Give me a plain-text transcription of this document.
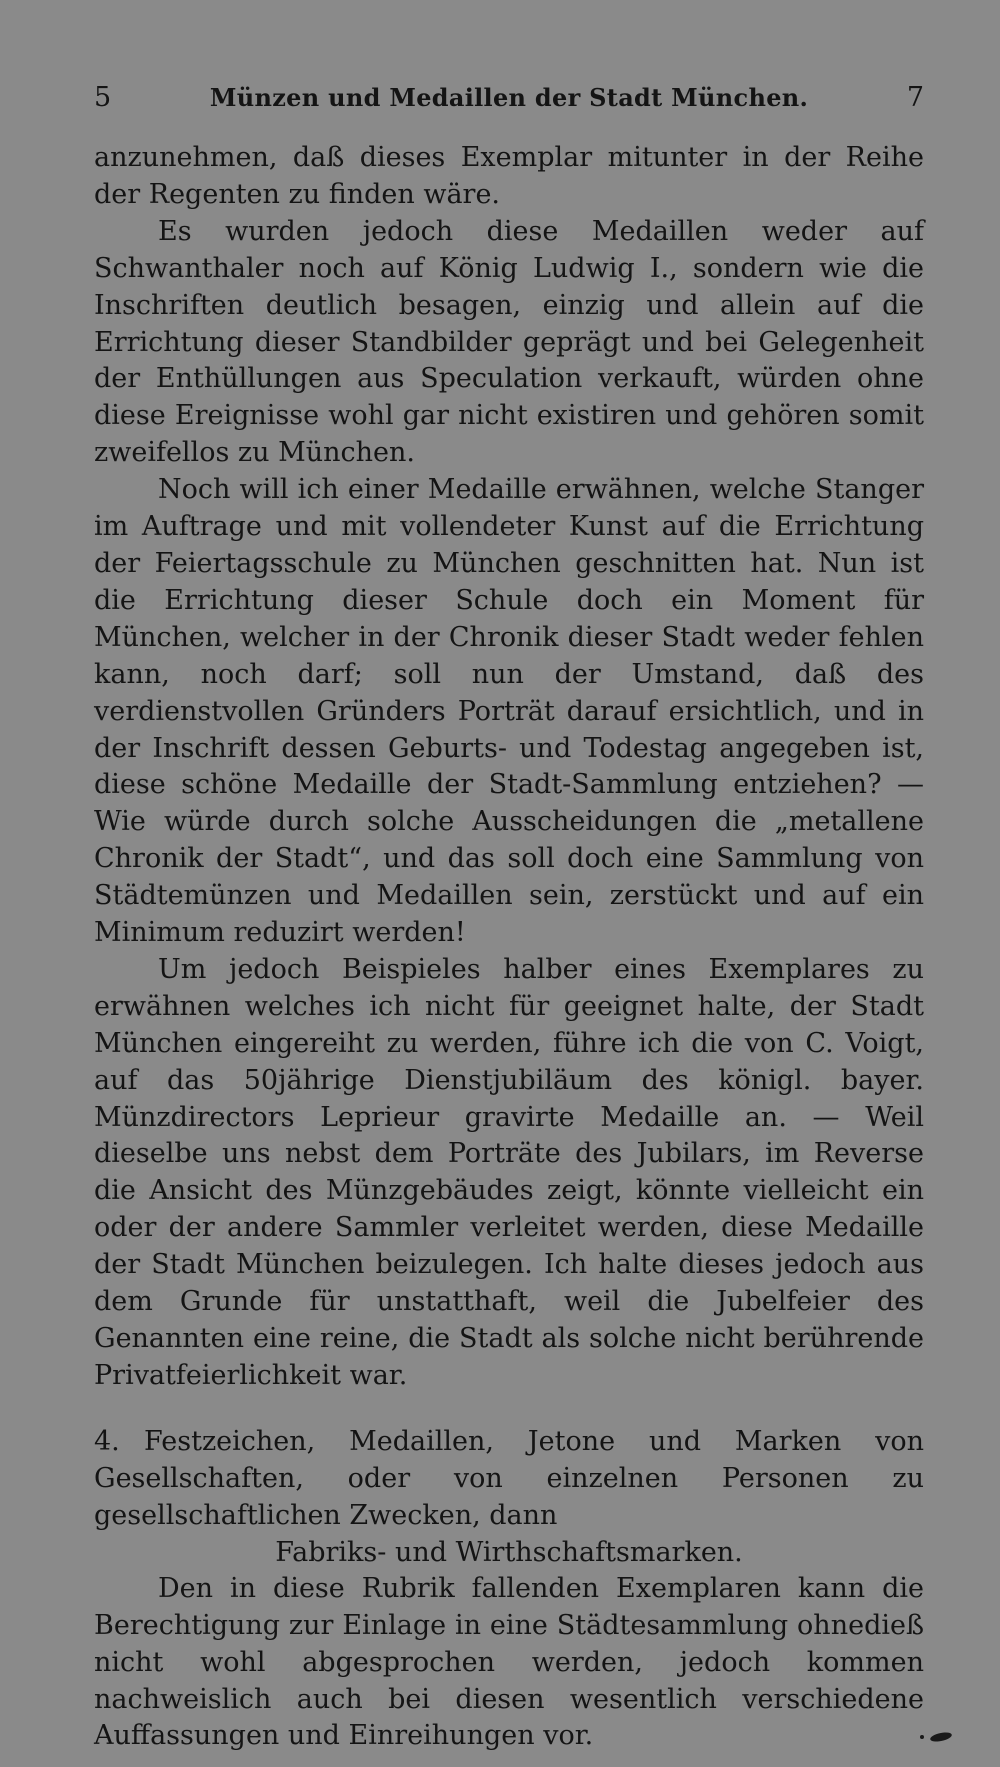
5	Münzen und Medaillen der Stadt München.	7

anzunehmen, daß dieses Exemplar mitunter in der Reihe der Regenten zu finden wäre.

Es wurden jedoch diese Medaillen weder auf Schwanthaler noch auf König Ludwig I., sondern wie die Inschriften deutlich besagen, einzig und allein auf die Errichtung dieser Standbilder geprägt und bei Gelegenheit der Enthüllungen aus Speculation verkauft, würden ohne diese Ereignisse wohl gar nicht existiren und gehören somit zweifellos zu München.

Noch will ich einer Medaille erwähnen, welche Stanger im Auftrage und mit vollendeter Kunst auf die Errichtung der Feiertagsschule zu München geschnitten hat. Nun ist die Errichtung dieser Schule doch ein Moment für München, welcher in der Chronik dieser Stadt weder fehlen kann, noch darf; soll nun der Umstand, daß des verdienstvollen Gründers Porträt darauf ersichtlich, und in der Inschrift dessen Geburts- und Todestag angegeben ist, diese schöne Medaille der Stadt-Sammlung entziehen? — Wie würde durch solche Ausscheidungen die „metallene Chronik der Stadt“, und das soll doch eine Sammlung von Städtemünzen und Medaillen sein, zerstückt und auf ein Minimum reduzirt werden!

Um jedoch Beispieles halber eines Exemplares zu erwähnen welches ich nicht für geeignet halte, der Stadt München eingereiht zu werden, führe ich die von C. Voigt, auf das 50jährige Dienstjubiläum des königl. bayer. Münzdirectors Leprieur gravirte Medaille an. — Weil dieselbe uns nebst dem Porträte des Jubilars, im Reverse die Ansicht des Münzgebäudes zeigt, könnte vielleicht ein oder der andere Sammler verleitet werden, diese Medaille der Stadt München beizulegen. Ich halte dieses jedoch aus dem Grunde für unstatthaft, weil die Jubelfeier des Genannten eine reine, die Stadt als solche nicht berührende Privatfeierlichkeit war.

4. Festzeichen, Medaillen, Jetone und Marken von Gesellschaften, oder von einzelnen Personen zu gesellschaftlichen Zwecken, dann
Fabriks- und Wirthschaftsmarken.

Den in diese Rubrik fallenden Exemplaren kann die Berechtigung zur Einlage in eine Städtesammlung ohnedieß nicht wohl abgesprochen werden, jedoch kommen nachweislich auch bei diesen wesentlich verschiedene Auffassungen und Einreihungen vor.
